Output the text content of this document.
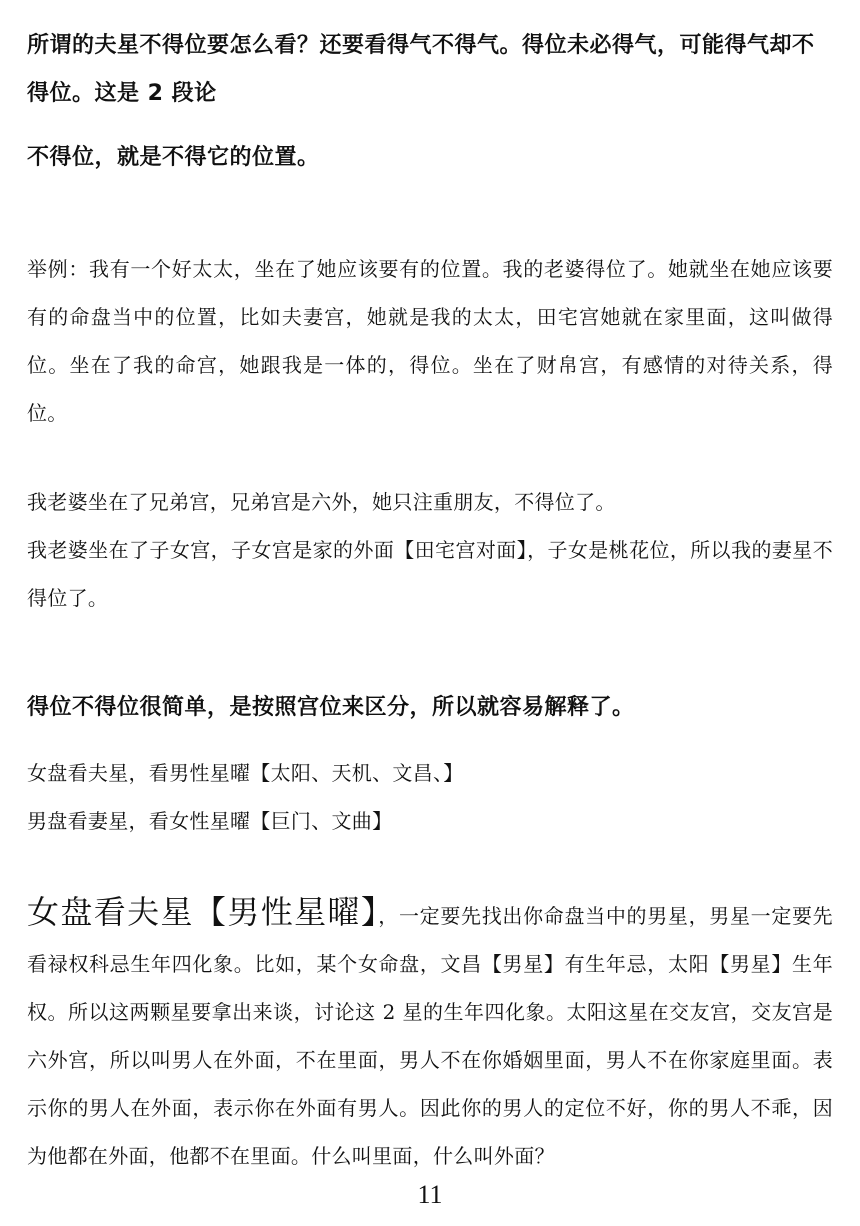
所谓的夫星不得位要怎么看？还要看得气不得气。得位未必得气，可能得气却不得位。这是 2 段论

不得位，就是不得它的位置。

举例：我有一个好太太，坐在了她应该要有的位置。我的老婆得位了。她就坐在她应该要有的命盘当中的位置，比如夫妻宫，她就是我的太太，田宅宫她就在家里面，这叫做得位。坐在了我的命宫，她跟我是一体的，得位。坐在了财帛宫，有感情的对待关系，得位。

我老婆坐在了兄弟宫，兄弟宫是六外，她只注重朋友，不得位了。

我老婆坐在了子女宫，子女宫是家的外面【田宅宫对面】，子女是桃花位，所以我的妻星不得位了。

得位不得位很简单，是按照宫位来区分，所以就容易解释了。

女盘看夫星，看男性星曜【太阳、天机、文昌、】

男盘看妻星，看女性星曜【巨门、文曲】

女盘看夫星【男性星曜】，一定要先找出你命盘当中的男星，男星一定要先看禄权科忌生年四化象。比如，某个女命盘，文昌【男星】有生年忌，太阳【男星】生年权。所以这两颗星要拿出来谈，讨论这 2 星的生年四化象。太阳这星在交友宫，交友宫是六外宫，所以叫男人在外面，不在里面，男人不在你婚姻里面，男人不在你家庭里面。表示你的男人在外面，表示你在外面有男人。因此你的男人的定位不好，你的男人不乖，因为他都在外面，他都不在里面。什么叫里面，什么叫外面？

11
